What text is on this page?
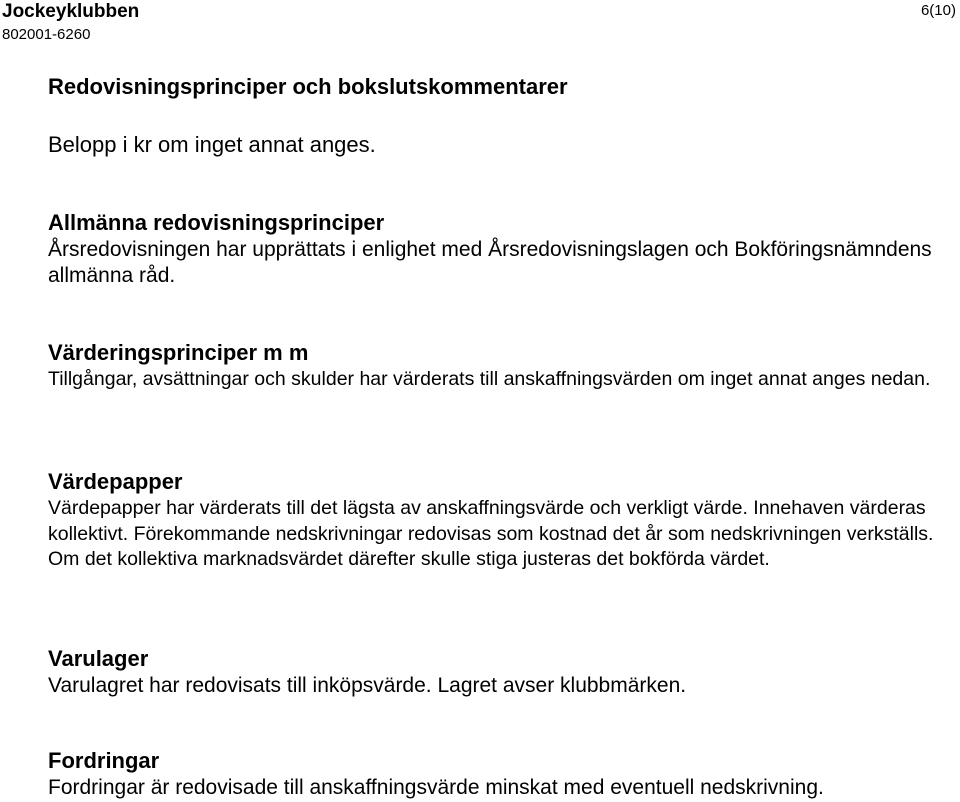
Jockeyklubben
802001-6260
6(10)
Redovisningsprinciper och bokslutskommentarer
Belopp i kr om inget annat anges.
Allmänna redovisningsprinciper

Årsredovisningen har upprättats i enlighet med Årsredovisningslagen och Bokföringsnämndens allmänna råd.

Värderingsprinciper m m

Tillgångar, avsättningar och skulder har värderats till anskaffningsvärden om inget annat anges nedan.

Värdepapper

Värdepapper har värderats till det lägsta av anskaffningsvärde och verkligt värde. Innehaven värderas kollektivt. Förekommande nedskrivningar redovisas som kostnad det år som nedskrivningen verkställs. Om det kollektiva marknadsvärdet därefter skulle stiga justeras det bokförda värdet.

Varulager

Varulagret har redovisats till inköpsvärde. Lagret avser klubbmärken.

Fordringar

Fordringar är redovisade till anskaffningsvärde minskat med eventuell nedskrivning.
